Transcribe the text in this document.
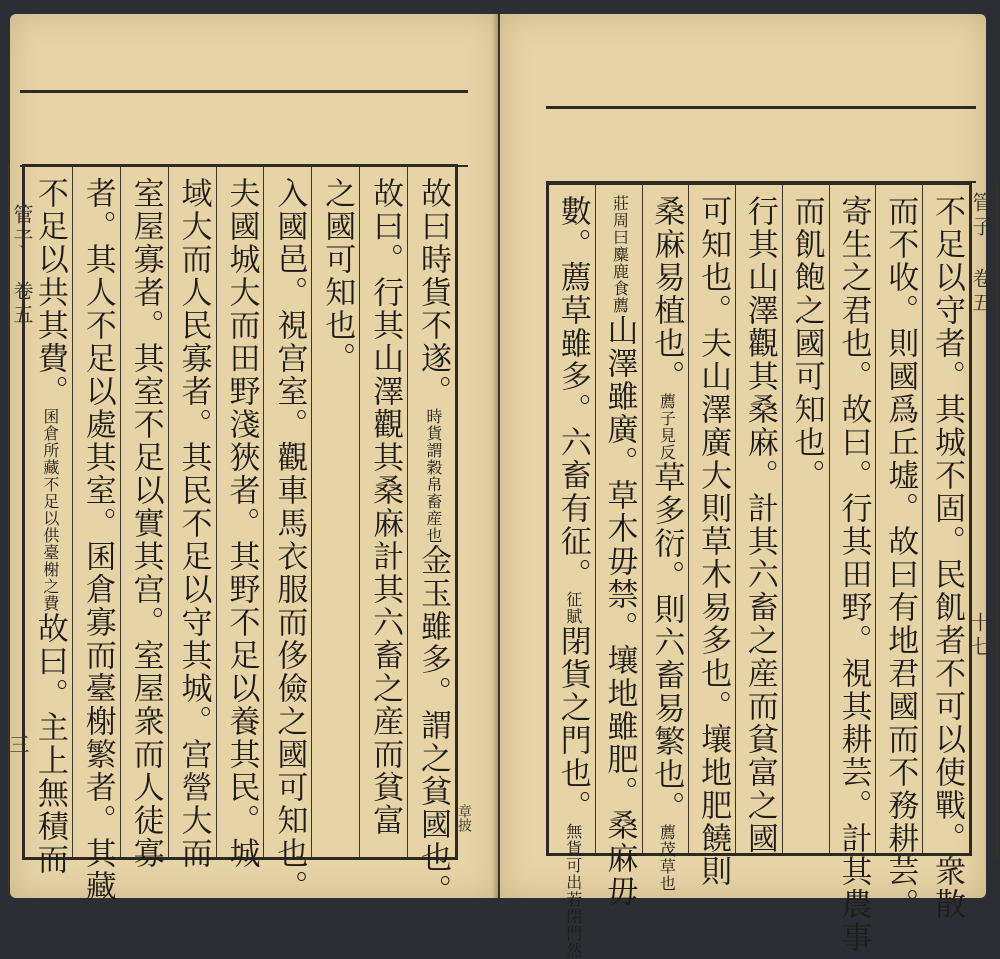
故曰時貨不遂。時貨謂穀帛畜産也金玉雖多。謂之貧國也。
故曰。行其山澤觀其桑麻計其六畜之産而貧富
之國可知也。
入國邑。視宫室。觀車馬衣服而侈儉之國可知也。
夫國城大而田野淺狹者。其野不足以養其民。城
域大而人民寡者。其民不足以守其城。宫營大而
室屋寡者。其室不足以實其宫。室屋衆而人徒寡
者。其人不足以處其室。囷倉寡而臺榭繁者。其藏
不足以共其費。囷倉所藏不足以供臺榭之費故曰。主上無積而
管子 卷五
三
章披	不足以守者。其城不固。民飢者不可以使戰。衆散
而不收。則國爲丘墟。故曰有地君國而不務耕芸。
寄生之君也。故曰。行其田野。視其耕芸。計其農事
而飢飽之國可知也。
行其山澤觀其桑麻。計其六畜之産而貧富之國
可知也。夫山澤廣大則草木易多也。壤地肥饒則
桑麻易植也。薦子見反草多衍。則六畜易繁也。薦茂草也
莊周曰麋鹿食薦山澤雖廣。草木毋禁。壤地雖肥。桑麻毋
數。薦草雖多。六畜有征。征賦閉貨之門也。無貨可出若閉門然
管子 卷五
十七
